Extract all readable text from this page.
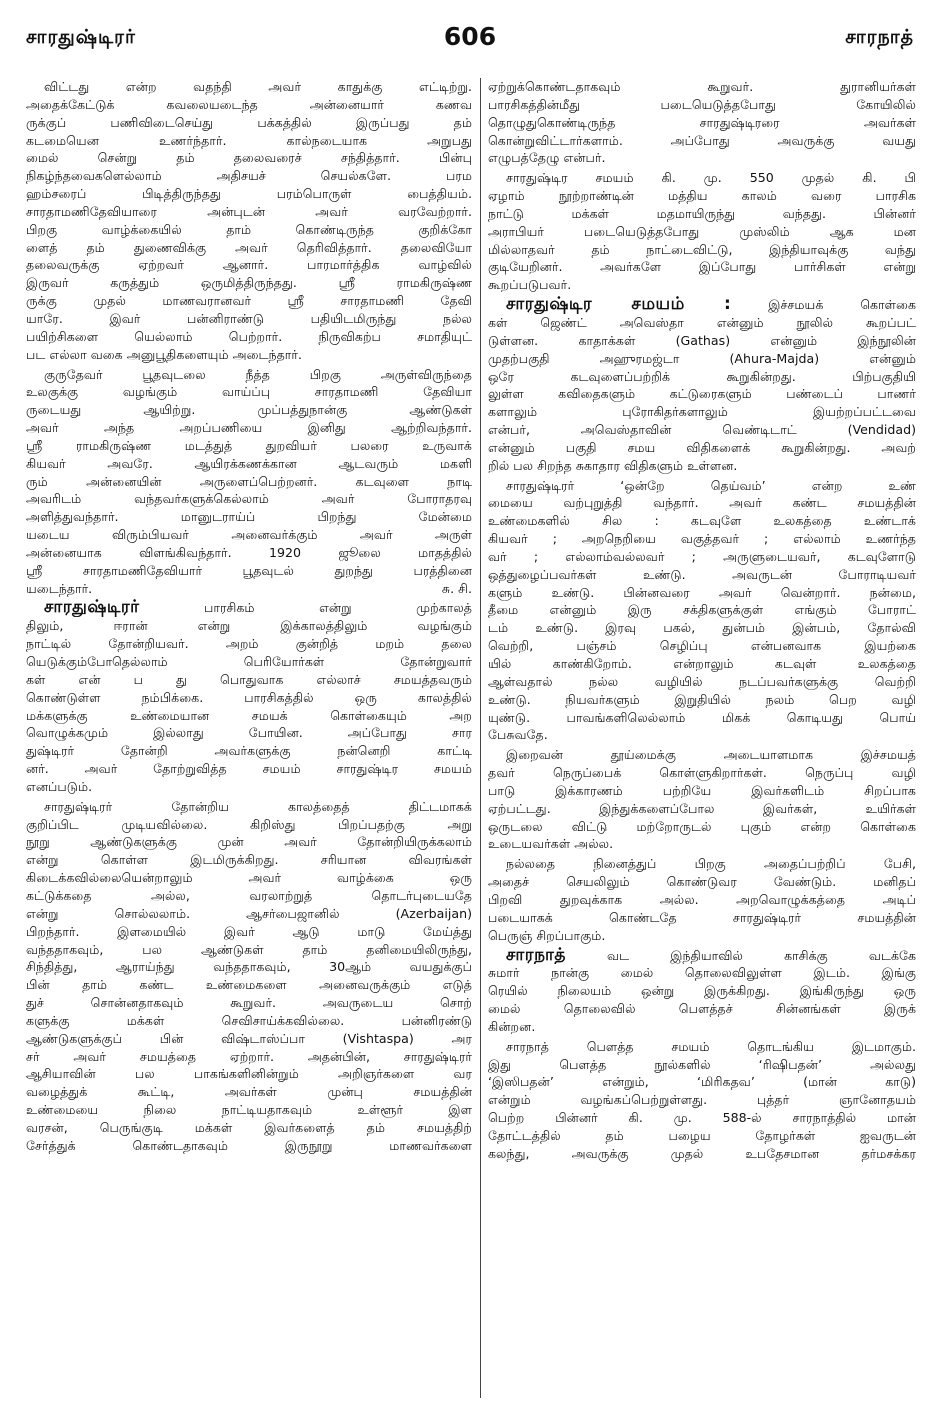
சாரதுஷ்டிரர்	606	சாரநாத்
விட்டது என்ற வதந்தி அவர் காதுக்கு எட்டிற்று.
அதைக்கேட்டுக் கவலையடைந்த அன்னையார் கணவ
ருக்குப் பணிவிடைசெய்து பக்கத்தில் இருப்பது தம்
கடமையென உணர்ந்தார். கால்நடையாக அறுபது
மைல் சென்று தம் தலைவரைச் சந்தித்தார். பின்பு
நிகழ்ந்தவைகளெல்லாம் அதிசயச் செயல்களே. பரம
ஹம்சரைப் பிடித்திருந்தது பரம்பொருள் பைத்தியம்.
சாரதாமணிதேவியாரை அன்புடன் அவர் வரவேற்றார்.
பிறகு வாழ்க்கையில் தாம் கொண்டிருந்த குறிக்கோ
ளைத் தம் துணைவிக்கு அவர் தெரிவித்தார். தலைவியோ
தலைவருக்கு ஏற்றவர் ஆனார். பாரமார்த்திக வாழ்வில்
இருவர் கருத்தும் ஒருமித்திருந்தது. ஸ்ரீ ராமகிருஷ்ண
ருக்கு முதல் மாணவரானவர் ஸ்ரீ சாரதாமணி தேவி
யாரே. இவர் பன்னிராண்டு பதியிடமிருந்து நல்ல
பயிற்சிகளை யெல்லாம் பெற்றார். நிருவிகற்ப சமாதியுட்
பட எல்லா வகை அனுபூதிகளையும் அடைந்தார்.
குருதேவர் பூதவுடலை நீத்த பிறகு அருள்விருந்தை
உலகுக்கு வழங்கும் வாய்ப்பு சாரதாமணி தேவியா
ருடையது ஆயிற்று. முப்பத்துநான்கு ஆண்டுகள்
அவர் அந்த அறப்பணியை இனிது ஆற்றிவந்தார்.
ஸ்ரீ ராமகிருஷ்ண மடத்துத் துறவியர் பலரை உருவாக்
கியவர் அவரே. ஆயிரக்கணக்கான ஆடவரும் மகளி
ரும் அன்னையின் அருளைப்பெற்றனர். கடவுளை நாடி
அவரிடம் வந்தவர்களுக்கெல்லாம் அவர் போராதரவு
அளித்துவந்தார். மானுடராய்ப் பிறந்து மேன்மை
யடைய விரும்பியவர் அனைவர்க்கும் அவர் அருள்
அன்னையாக விளங்கிவந்தார். 1920 ஜூலை மாதத்தில்
ஸ்ரீ சாரதாமணிதேவியார் பூதவுடல் துறந்து பரத்தினை
யடைந்தார்.	சு. சி.
சாரதுஷ்டிரர் பாரசிகம் என்று முற்காலத்
திலும், ஈரான் என்று இக்காலத்திலும் வழங்கும்
நாட்டில் தோன்றியவர். அறம் குன்றித் மறம் தலை
யெடுக்கும்போதெல்லாம் பெரியோர்கள் தோன்றுவார்
கள் என் ப து பொதுவாக எல்லாச் சமயத்தவரும்
கொண்டுள்ள நம்பிக்கை. பாரசிகத்தில் ஒரு காலத்தில்
மக்களுக்கு உண்மையான சமயக் கொள்கையும் அற
வொழுக்கமும் இல்லாது போயின. அப்போது சார
துஷ்டிரர் தோன்றி அவர்களுக்கு நன்னெறி காட்டி
னர். அவர் தோற்றுவித்த சமயம் சாரதுஷ்டிர சமயம்
எனப்படும்.
சாரதுஷ்டிரர் தோன்றிய காலத்தைத் திட்டமாகக்
குறிப்பிட முடியவில்லை. கிறிஸ்து பிறப்பதற்கு அறு
நூறு ஆண்டுகளுக்கு முன் அவர் தோன்றியிருக்கலாம்
என்று கொள்ள இடமிருக்கிறது. சரியான விவரங்கள்
கிடைக்கவில்லையென்றாலும் அவர் வாழ்க்கை ஒரு
கட்டுக்கதை அல்ல, வரலாற்றுத் தொடர்புடையதே
என்று சொல்லலாம். ஆசர்பைஜானில் (Azerbaijan)
பிறந்தார். இளமையில் இவர் ஆடு மாடு மேய்த்து
வந்ததாகவும், பல ஆண்டுகள் தாம் தனிமையிலிருந்து,
சிந்தித்து, ஆராய்ந்து வந்ததாகவும், 30ஆம் வயதுக்குப்
பின் தாம் கண்ட உண்மைகளை அனைவருக்கும் எடுத்
துச் சொன்னதாகவும் கூறுவர். அவருடைய சொற்
களுக்கு மக்கள் செவிசாய்க்கவில்லை. பன்னிரண்டு
ஆண்டுகளுக்குப் பின் விஷ்டாஸ்ப்பா (Vishtaspa) அர
சர் அவர் சமயத்தை ஏற்றார். அதன்பின், சாரதுஷ்டிரர்
ஆசியாவின் பல பாகங்களினின்றும் அறிஞர்களை வர
வழைத்துக் கூட்டி, அவர்கள் முன்பு சமயத்தின்
உண்மையை நிலை நாட்டியதாகவும் உள்ளூர் இள
வரசன், பெருங்குடி மக்கள் இவர்களைத் தம் சமயத்திற்
சேர்த்துக் கொண்டதாகவும் இருநூறு மாணவர்களை
ஏற்றுக்கொண்டதாகவும் கூறுவர். துரானியர்கள்
பாரசிகத்தின்மீது படையெடுத்தபோது கோயிலில்
தொழுதுகொண்டிருந்த சாரதுஷ்டிரரை அவர்கள்
கொன்றுவிட்டார்களாம். அப்போது அவருக்கு வயது
எழுபத்தேழு என்பர்.
சாரதுஷ்டிர சமயம் கி. மு. 550 முதல் கி. பி
ஏழாம் நூற்றாண்டின் மத்திய காலம் வரை பாரசிக
நாட்டு மக்கள் மதமாயிருந்து வந்தது. பின்னர்
அராபியர் படையெடுத்தபோது முஸ்லிம் ஆக மன
மில்லாதவர் தம் நாட்டைவிட்டு, இந்தியாவுக்கு வந்து
குடியேறினர். அவர்களே இப்போது பார்சிகள் என்று
கூறப்படுபவர்.
சாரதுஷ்டிர சமயம் : இச்சமயக் கொள்கை
கள் ஜெண்ட் அவெஸ்தா என்னும் நூலில் கூறப்பட்
டுள்ளன. காதாக்கள் (Gathas) என்னும் இந்நூலின்
முதற்பகுதி அஹுரமஜ்டா (Ahura-Majda) என்னும்
ஒரே கடவுளைப்பற்றிக் கூறுகின்றது. பிற்பகுதியி
லுள்ள கவிதைகளும் கட்டுரைகளும் பண்டைப் பாணர்
களாலும் புரோகிதர்களாலும் இயற்றப்பட்டவை
என்பர், அவெஸ்தாவின் வெண்டிடாட் (Vendidad)
என்னும் பகுதி சமய விதிகளைக் கூறுகின்றது. அவற்
றில் பல சிறந்த சுகாதார விதிகளும் உள்ளன.
சாரதுஷ்டிரர் ‘ஒன்றே தெய்வம்’ என்ற உண்
மையை வற்புறுத்தி வந்தார். அவர் கண்ட சமயத்தின்
உண்மைகளில் சில : கடவுளே உலகத்தை உண்டாக்
கியவர் ; அறநெறியை வகுத்தவர் ; எல்லாம் உணர்ந்த
வர் ; எல்லாம்வல்லவர் ; அருளுடையவர், கடவுளோடு
ஒத்துழைப்பவர்கள் உண்டு. அவருடன் போராடியவர்
களும் உண்டு. பின்னவரை அவர் வென்றார். நன்மை,
தீமை என்னும் இரு சக்திகளுக்குள் எங்கும் போராட்
டம் உண்டு. இரவு பகல், துன்பம் இன்பம், தோல்வி
வெற்றி, பஞ்சம் செழிப்பு என்பனவாக இயற்கை
யில் காண்கிறோம். என்றாலும் கடவுள் உலகத்தை
ஆள்வதால் நல்ல வழியில் நடப்பவர்களுக்கு வெற்றி
உண்டு. நியவர்களும் இறுதியில் நலம் பெற வழி
யுண்டு. பாவங்களிலெல்லாம் மிகக் கொடியது பொய்
பேசுவதே.
இறைவன் தூய்மைக்கு அடையாளமாக இச்சமயத்
தவர் நெருப்பைக் கொள்ளுகிறார்கள். நெருப்பு வழி
பாடு இக்காரணம் பற்றியே இவர்களிடம் சிறப்பாக
ஏற்பட்டது. இந்துக்களைப்போல இவர்கள், உயிர்கள்
ஒருடலை விட்டு மற்றோருடல் புகும் என்ற கொள்கை
உடையவர்கள் அல்ல.
நல்லதை நினைத்துப் பிறகு அதைப்பற்றிப் பேசி,
அதைச் செயலிலும் கொண்டுவர வேண்டும். மனிதப்
பிறவி துறவுக்காக அல்ல. அறவொழுக்கத்தை அடிப்
படையாகக் கொண்டதே சாரதுஷ்டிரர் சமயத்தின்
பெருஞ் சிறப்பாகும்.
சாரநாத் வட இந்தியாவில் காசிக்கு வடக்கே
சுமார் நான்கு மைல் தொலைவிலுள்ள இடம். இங்கு
ரெயில் நிலையம் ஒன்று இருக்கிறது. இங்கிருந்து ஒரு
மைல் தொலைவில் பௌத்தச் சின்னங்கள் இருக்
கின்றன.
சாரநாத் பௌத்த சமயம் தொடங்கிய இடமாகும்.
இது பௌத்த நூல்களில் ‘ரிஷிபதன்’ அல்லது
‘இஸிபதன்’ என்றும், ‘மிரிகதவ’ (மான் காடு)
என்றும் வழங்கப்பெற்றுள்ளது. புத்தர் ஞானோதயம்
பெற்ற பின்னர் கி. மு. 588-ல் சாரநாத்தில் மான்
தோட்டத்தில் தம் பழைய தோழர்கள் ஐவருடன்
கலந்து, அவருக்கு முதல் உபதேசமான தர்மசக்கர
